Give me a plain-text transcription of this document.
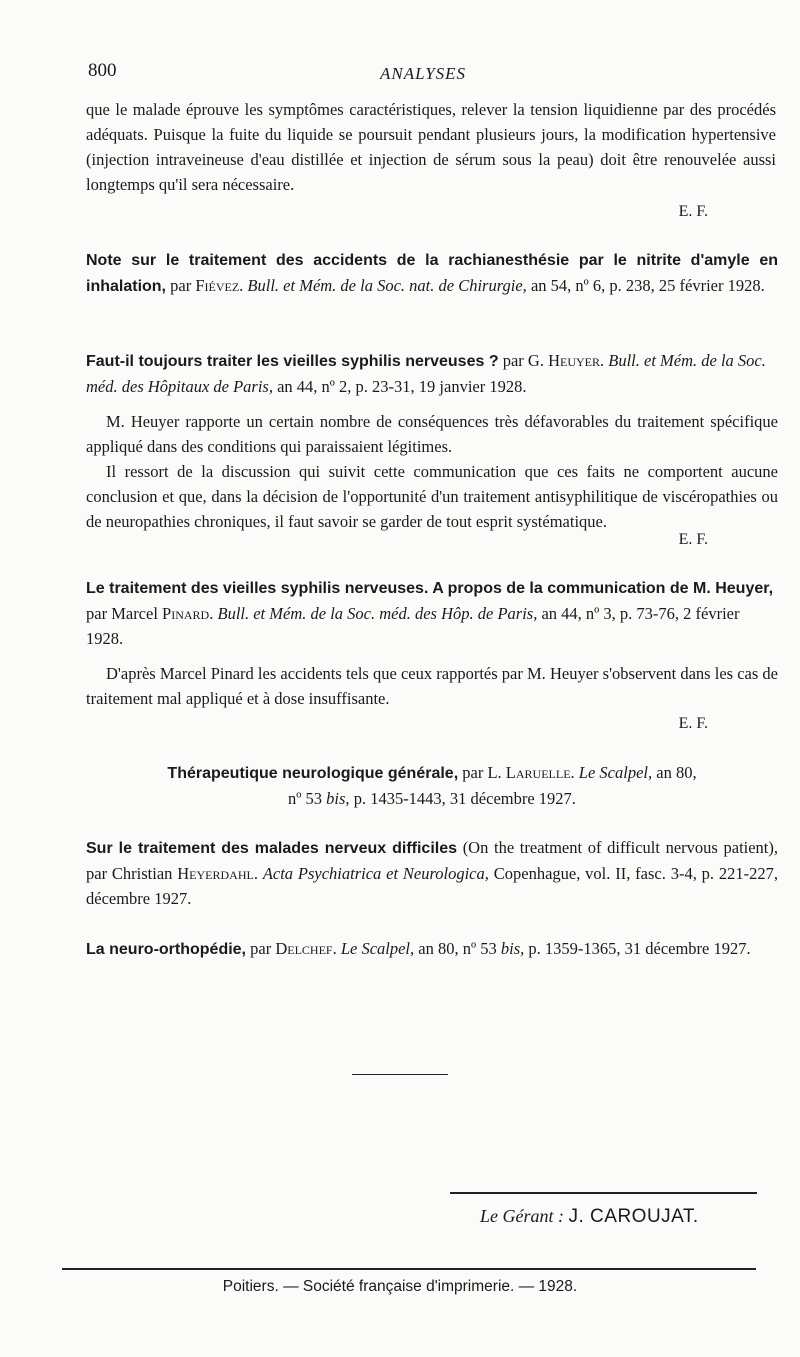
800	ANALYSES
que le malade éprouve les symptômes caractéristiques, relever la tension liquidienne par des procédés adéquats. Puisque la fuite du liquide se poursuit pendant plusieurs jours, la modification hypertensive (injection intraveineuse d'eau distillée et injection de sérum sous la peau) doit être renouvelée aussi longtemps qu'il sera nécessaire.
E. F.
Note sur le traitement des accidents de la rachianesthésie par le nitrite d'amyle en inhalation, par Fiévez. Bull. et Mém. de la Soc. nat. de Chirurgie, an 54, nº 6, p. 238, 25 février 1928.
Faut-il toujours traiter les vieilles syphilis nerveuses ? par G. Heuyer. Bull. et Mém. de la Soc. méd. des Hôpitaux de Paris, an 44, nº 2, p. 23-31, 19 janvier 1928.
M. Heuyer rapporte un certain nombre de conséquences très défavorables du traitement spécifique appliqué dans des conditions qui paraissaient légitimes.
Il ressort de la discussion qui suivit cette communication que ces faits ne comportent aucune conclusion et que, dans la décision de l'opportunité d'un traitement antisyphilitique de viscéropathies ou de neuropathies chroniques, il faut savoir se garder de tout esprit systématique.
E. F.
Le traitement des vieilles syphilis nerveuses. A propos de la communication de M. Heuyer, par Marcel Pinard. Bull. et Mém. de la Soc. méd. des Hôp. de Paris, an 44, nº 3, p. 73-76, 2 février 1928.
D'après Marcel Pinard les accidents tels que ceux rapportés par M. Heuyer s'observent dans les cas de traitement mal appliqué et à dose insuffisante.
E. F.
Thérapeutique neurologique générale, par L. Laruelle. Le Scalpel, an 80,
nº 53 bis, p. 1435-1443, 31 décembre 1927.
Sur le traitement des malades nerveux difficiles (On the treatment of difficult nervous patient), par Christian Heyerdahl. Acta Psychiatrica et Neurologica, Copenhague, vol. II, fasc. 3-4, p. 221-227, décembre 1927.
La neuro-orthopédie, par Delchef. Le Scalpel, an 80, nº 53 bis, p. 1359-1365, 31 décembre 1927.
Le Gérant : J. CAROUJAT.
Poitiers. — Société française d'imprimerie. — 1928.
